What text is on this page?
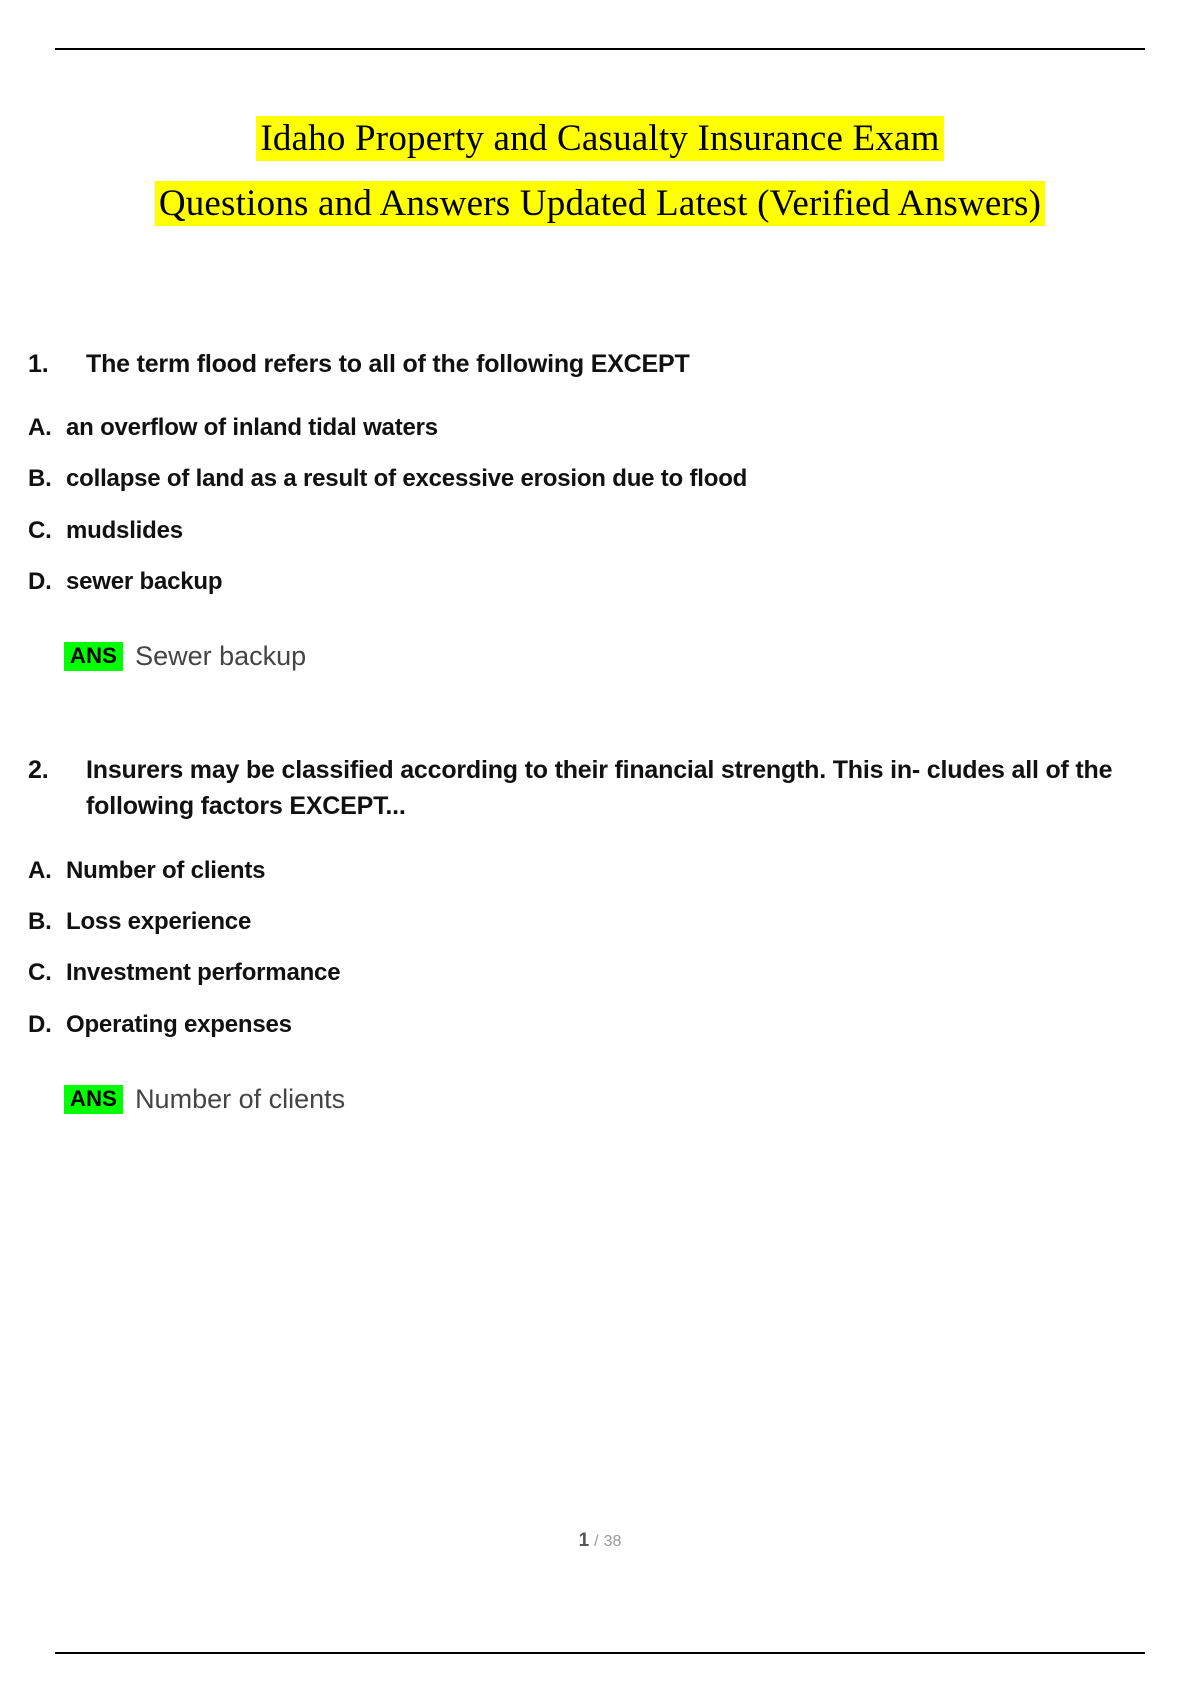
Idaho Property and Casualty Insurance Exam
Questions and Answers Updated Latest (Verified Answers)
1.	The term flood refers to all of the following EXCEPT
A. an overflow of inland tidal waters
B. collapse of land as a result of excessive erosion due to flood
C. mudslides
D. sewer backup
ANS Sewer backup
2.	Insurers may be classified according to their financial strength. This in- cludes all of the following factors EXCEPT...
A. Number of clients
B. Loss experience
C. Investment performance
D. Operating expenses
ANS Number of clients
1 / 38
